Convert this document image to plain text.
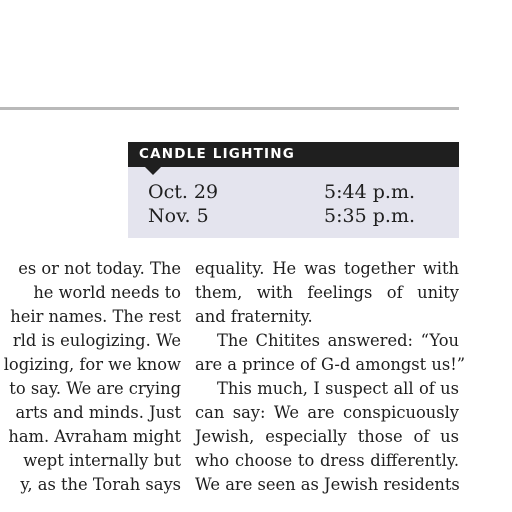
CANDLE LIGHTING
Oct. 29	5:44 p.m.
Nov. 5	5:35 p.m.
es or not today. The
he world needs to
heir names. The rest
rld is eulogizing. We
logizing, for we know
to say. We are crying
arts and minds. Just
ham. Avraham might
wept internally but
y, as the Torah says
equality. He was together with
them, with feelings of unity
and fraternity.
The Chitites answered: “You
are a prince of G-d amongst us!”
This much, I suspect all of us
can say: We are conspicuously
Jewish, especially those of us
who choose to dress differently.
We are seen as Jewish residents
